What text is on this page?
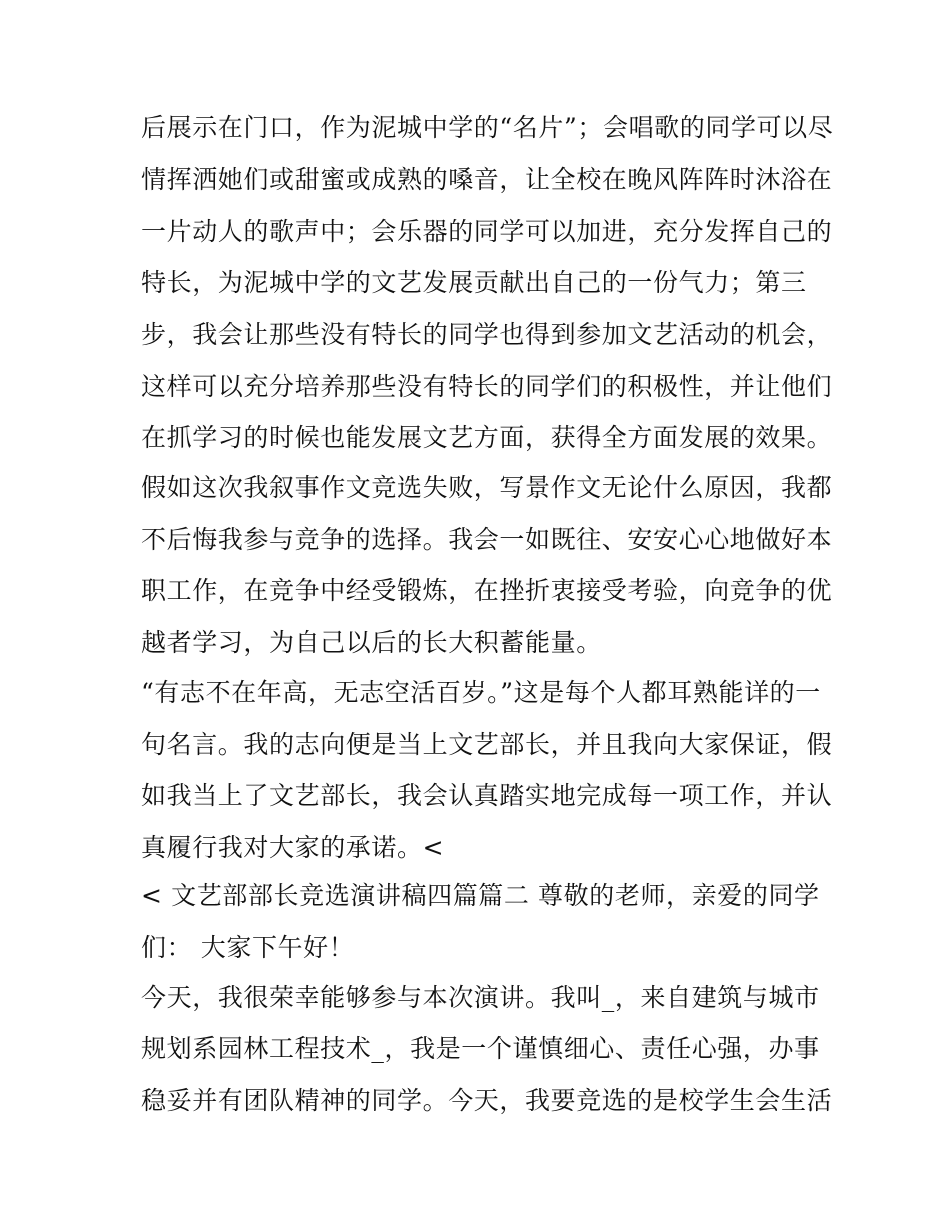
后展示在门口，作为泥城中学的“名片”；会唱歌的同学可以尽
情挥洒她们或甜蜜或成熟的嗓音，让全校在晚风阵阵时沐浴在
一片动人的歌声中；会乐器的同学可以加进，充分发挥自己的
特长，为泥城中学的文艺发展贡献出自己的一份气力；第三
步，我会让那些没有特长的同学也得到参加文艺活动的机会，
这样可以充分培养那些没有特长的同学们的积极性，并让他们
在抓学习的时候也能发展文艺方面，获得全方面发展的效果。
假如这次我叙事作文竞选失败，写景作文无论什么原因，我都
不后悔我参与竞争的选择。我会一如既往、安安心心地做好本
职工作，在竞争中经受锻炼，在挫折衷接受考验，向竞争的优
越者学习，为自己以后的长大积蓄能量。
“有志不在年高，无志空活百岁。”这是每个人都耳熟能详的一
句名言。我的志向便是当上文艺部长，并且我向大家保证，假
如我当上了文艺部长，我会认真踏实地完成每一项工作，并认
真履行我对大家的承诺。<
< 文艺部部长竞选演讲稿四篇篇二 尊敬的老师，亲爱的同学
们： 大家下午好！
今天，我很荣幸能够参与本次演讲。我叫_，来自建筑与城市
规划系园林工程技术_，我是一个谨慎细心、责任心强，办事
稳妥并有团队精神的同学。今天，我要竞选的是校学生会生活
